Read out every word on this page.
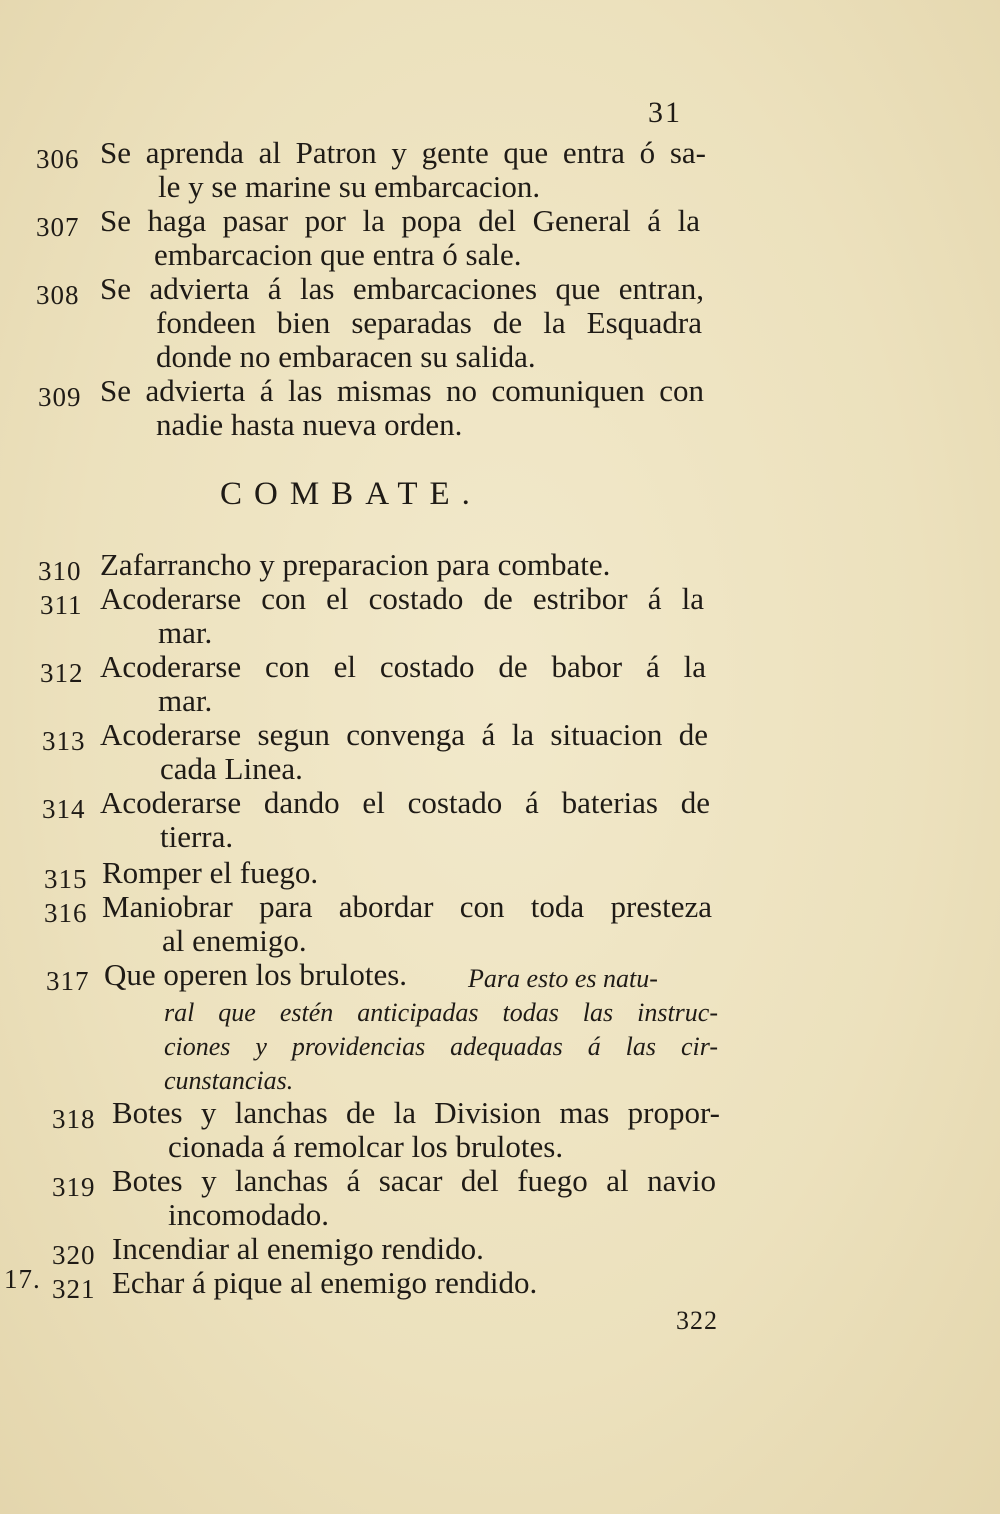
31
306 Se aprenda al Patron y gente que entra ó sa-
le y se marine su embarcacion.
307 Se haga pasar por la popa del General á la
embarcacion que entra ó sale.
308 Se advierta á las embarcaciones que entran,
fondeen bien separadas de la Esquadra
donde no embaracen su salida.
309 Se advierta á las mismas no comuniquen con
nadie hasta nueva orden.
COMBATE.
310 Zafarrancho y preparacion para combate.
311 Acoderarse con el costado de estribor á la
mar.
312 Acoderarse con el costado de babor á la
mar.
313 Acoderarse segun convenga á la situacion de
cada Linea.
314 Acoderarse dando el costado á baterias de
tierra.
315 Romper el fuego.
316 Maniobrar para abordar con toda presteza
al enemigo.
317 Que operen los brulotes. Para esto es natu-
ral que estén anticipadas todas las instruc-
ciones y providencias adequadas á las cir-
cunstancias.
318 Botes y lanchas de la Division mas propor-
cionada á remolcar los brulotes.
319 Botes y lanchas á sacar del fuego al navio
incomodado.
320 Incendiar al enemigo rendido.
17. 321 Echar á pique al enemigo rendido.
322
